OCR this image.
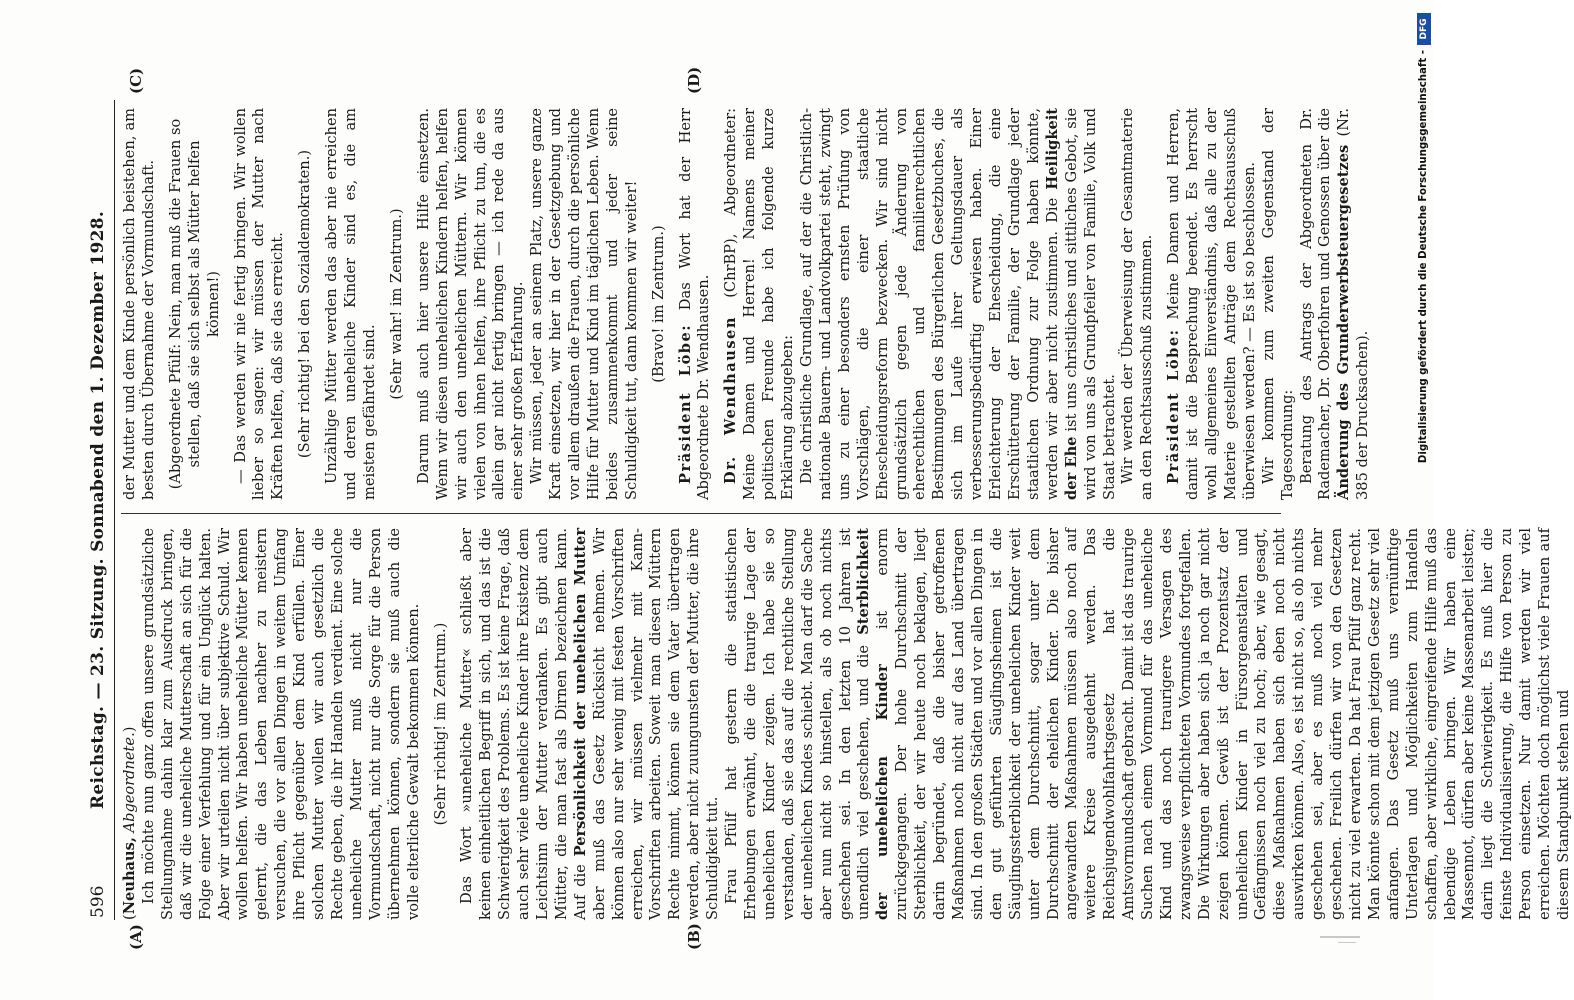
596
Reichstag. — 23. Sitzung. Sonnabend den 1. Dezember 1928.
(A)	(B)
(C)	(D)

(Neuhaus, Abgeordnete.) Ich möchte nun ganz offen unsere grundsätzliche Stellungnahme dahin klar zum Ausdruck bringen, daß wir die uneheliche Mutterschaft an sich für die Folge einer Verfehlung und für ein Unglück halten. Aber wir urteilen nicht über subjektive Schuld. Wir wollen helfen. Wir haben uneheliche Mütter kennen gelernt, die das Leben nachher zu meistern versuchen, die vor allen Dingen in weitem Umfang ihre Pflicht gegenüber dem Kind erfüllen. Einer solchen Mutter wollen wir auch gesetzlich die Rechte geben, die ihr Handeln verdient. Eine solche uneheliche Mutter muß nicht nur die Vormundschaft, nicht nur die Sorge für die Person übernehmen können, sondern sie muß auch die volle elterliche Gewalt bekommen können. (Sehr richtig! im Zentrum.) Das Wort »uneheliche Mutter« schließt aber keinen einheitlichen Begriff in sich, und das ist die Schwierigkeit des Problems. Es ist keine Frage, daß auch sehr viele uneheliche Kinder ihre Existenz dem Leichtsinn der Mutter verdanken. Es gibt auch Mütter, die man fast als Dirnen bezeichnen kann. Auf die Persönlichkeit der unehelichen Mutter aber muß das Gesetz Rücksicht nehmen. Wir können also nur sehr wenig mit festen Vorschriften erreichen, wir müssen vielmehr mit Kann-Vorschriften arbeiten. Soweit man diesen Müttern Rechte nimmt, können sie dem Vater übertragen werden, aber nicht zuungunsten der Mutter, die ihre Schuldigkeit tut. Frau Pfülf hat gestern die statistischen Erhebungen erwähnt, die die traurige Lage der unehelichen Kinder zeigen. Ich habe sie so verstanden, daß sie das auf die rechtliche Stellung der unehelichen Kindes schiebt. Man darf die Sache aber nun nicht so hinstellen, als ob noch nichts geschehen sei. In den letzten 10 Jahren ist unendlich viel geschehen, und die Sterblichkeit der unehelichen Kinder ist enorm zurückgegangen. Der hohe Durchschnitt der Sterblichkeit, der wir heute noch beklagen, liegt darin begründet, daß die bisher getroffenen Maßnahmen noch nicht auf das Land übertragen sind. In den großen Städten und vor allen Dingen in den gut geführten Säuglingsheimen ist die Säuglingssterblichkeit der unehelichen Kinder weit unter dem Durchschnitt, sogar unter dem Durchschnitt der ehelichen Kinder. Die bisher angewandten Maßnahmen müssen also noch auf weitere Kreise ausgedehnt werden. Das Reichsjugendwohlfahrtsgesetz hat die Amtsvormundschaft gebracht. Damit ist das traurige Suchen nach einem Vormund für das uneheliche Kind und das noch traurigere Versagen des zwangsweise verpflichteten Vormundes fortgefallen. Die Wirkungen aber haben sich ja noch gar nicht zeigen können. Gewiß ist der Prozentsatz der unehelichen Kinder in Fürsorgeanstalten und Gefängnissen noch viel zu hoch; aber, wie gesagt, diese Maßnahmen haben sich eben noch nicht auswirken können. Also, es ist nicht so, als ob nichts geschehen sei, aber es muß noch viel mehr geschehen. Freilich dürfen wir von den Gesetzen nicht zu viel erwarten. Da hat Frau Pfülf ganz recht. Man könnte schon mit dem jetzigen Gesetz sehr viel anfangen. Das Gesetz muß uns vernünftige Unterlagen und Möglichkeiten zum Handeln schaffen, aber wirkliche, eingreifende Hilfe muß das lebendige Leben bringen. Wir haben eine Massennot, dürfen aber keine Massenarbeit leisten; darin liegt die Schwierigkeit. Es muß hier die feinste Individualisierung, die Hilfe von Person zu Person einsetzen. Nur damit werden wir viel erreichen. Möchten doch möglichst viele Frauen auf diesem Standpunkt stehen und

der Mutter und dem Kinde persönlich beistehen, am besten durch Übernahme der Vormundschaft. (Abgeordnete Pfülf: Nein, man muß die Frauen so stellen, daß sie sich selbst als Mütter helfen können!) — Das werden wir nie fertig bringen. Wir wollen lieber so sagen: wir müssen der Mutter nach Kräften helfen, daß sie das erreicht. (Sehr richtig! bei den Sozialdemokraten.) Unzählige Mütter werden das aber nie erreichen und deren uneheliche Kinder sind es, die am meisten gefährdet sind.

(Sehr wahr! im Zentrum.) Darum muß auch hier unsere Hilfe einsetzen. Wenn wir diesen unehelichen Kindern helfen, helfen wir auch den unehelichen Müttern. Wir können vielen von ihnen helfen, ihre Pflicht zu tun, die es allein gar nicht fertig bringen — ich rede da aus einer sehr großen Erfahrung. Wir müssen, jeder an seinem Platz, unsere ganze Kraft einsetzen, wir hier in der Gesetzgebung und vor allem draußen die Frauen, durch die persönliche Hilfe für Mutter und Kind im täglichen Leben. Wenn beides zusammenkommt und jeder seine Schuldigkeit tut, dann kommen wir weiter! (Bravo! im Zentrum.)

Präsident Löbe: Das Wort hat der Herr Abgeordnete Dr. Wendhausen. Dr. Wendhausen (ChrBP), Abgeordneter: Meine Damen und Herren! Namens meiner politischen Freunde habe ich folgende kurze Erklärung abzugeben: Die christliche Grundlage, auf der die Christlich-nationale Bauern- und Landvolkpartei steht, zwingt uns zu einer besonders ernsten Prüfung von Vorschlägen, die einer staatliche Ehescheidungsreform bezwecken. Wir sind nicht grundsätzlich gegen jede Änderung von eherechtlichen und familienrechtlichen Bestimmungen des Bürgerlichen Gesetzbuches, die sich im Laufe ihrer Geltungsdauer als verbesserungsbedürftig erwiesen haben. Einer Erleichterung der Ehescheidung, die eine Erschütterung der Familie, der Grundlage jeder staatlichen Ordnung zur Folge haben könnte, werden wir aber nicht zustimmen. Die Heiligkeit der Ehe ist uns christliches und sittliches Gebot, sie wird von uns als Grundpfeiler von Familie, Volk und Staat betrachtet. Wir werden der Überweisung der Gesamtmaterie an den Rechtsausschuß zustimmen. Präsident Löbe: Meine Damen und Herren, damit ist die Besprechung beendet. Es herrscht wohl allgemeines Einverständnis, daß alle zu der Materie gestellten Anträge dem Rechtsausschuß überwiesen werden? — Es ist so beschlossen. Wir kommen zum zweiten Gegenstand der Tagesordnung: Beratung des Antrags der Abgeordneten Dr. Rademacher, Dr. Oberfohren und Genossen über die Änderung des Grunderwerbsteuergesetzes (Nr. 385 der Drucksachen).	Digitalisierung gefördert durch die Deutsche Forschungsgemeinschaft -
DFG
